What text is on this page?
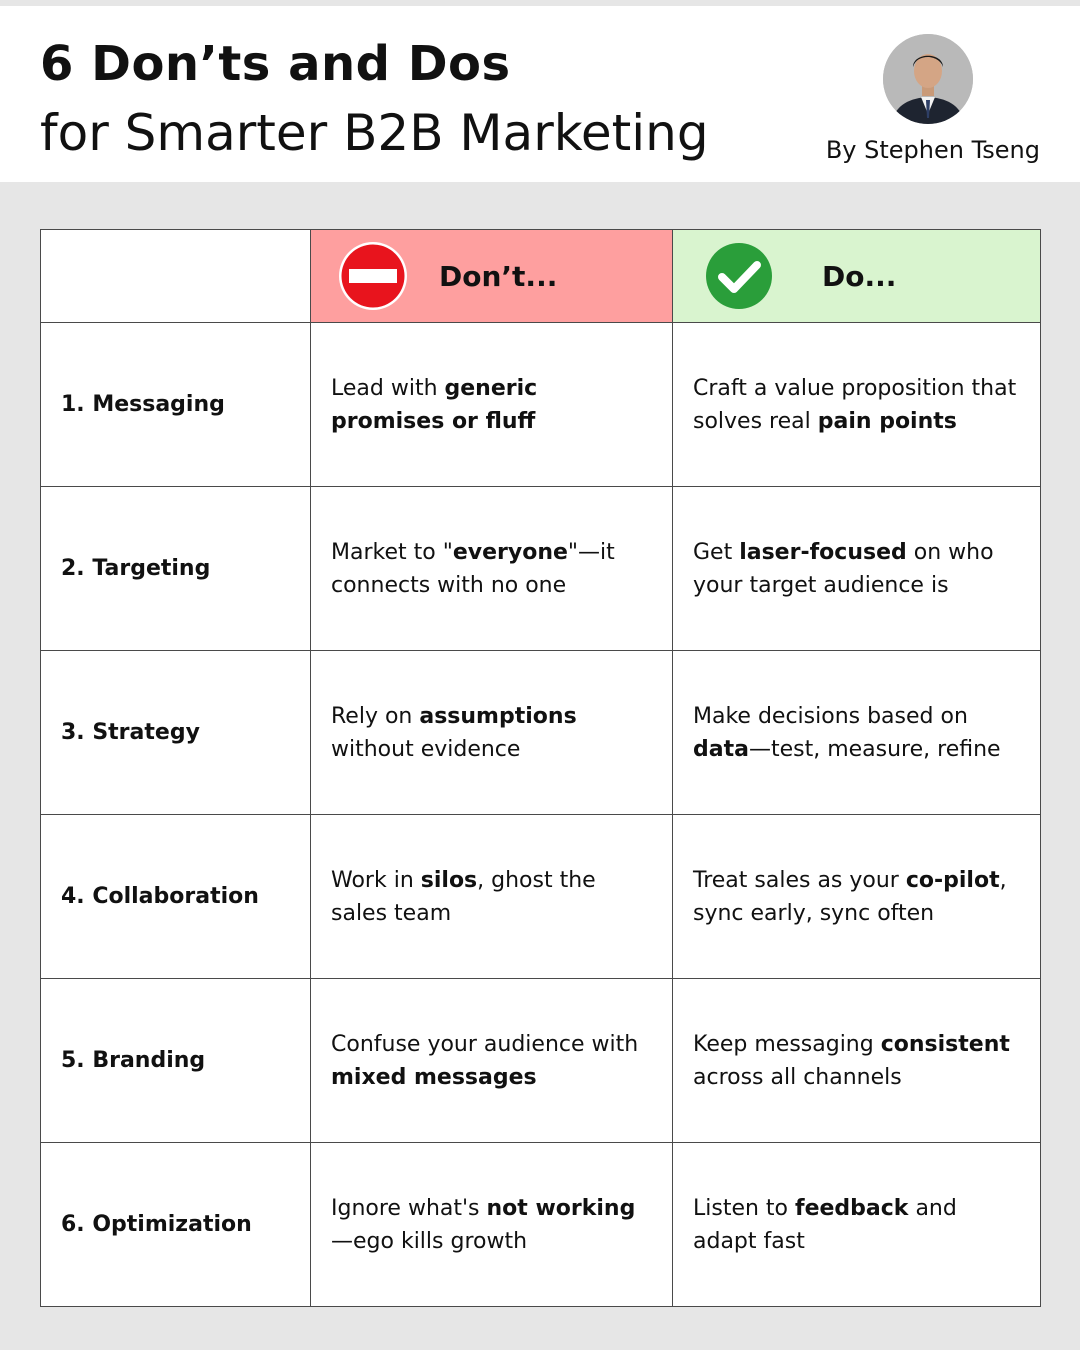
6 Don’ts and Dos
for Smarter B2B Marketing	By Stephen Tseng

	Don’t...	Do...

1. Messaging	Lead with generic promises or fluff	Craft a value proposition that solves real pain points
2. Targeting	Market to "everyone"—it connects with no one	Get laser-focused on who your target audience is
3. Strategy	Rely on assumptions without evidence	Make decisions based on data—test, measure, refine
4. Collaboration	Work in silos, ghost the sales team	Treat sales as your co-pilot, sync early, sync often
5. Branding	Confuse your audience with mixed messages	Keep messaging consistent across all channels
6. Optimization	Ignore what's not working—ego kills growth	Listen to feedback and adapt fast
